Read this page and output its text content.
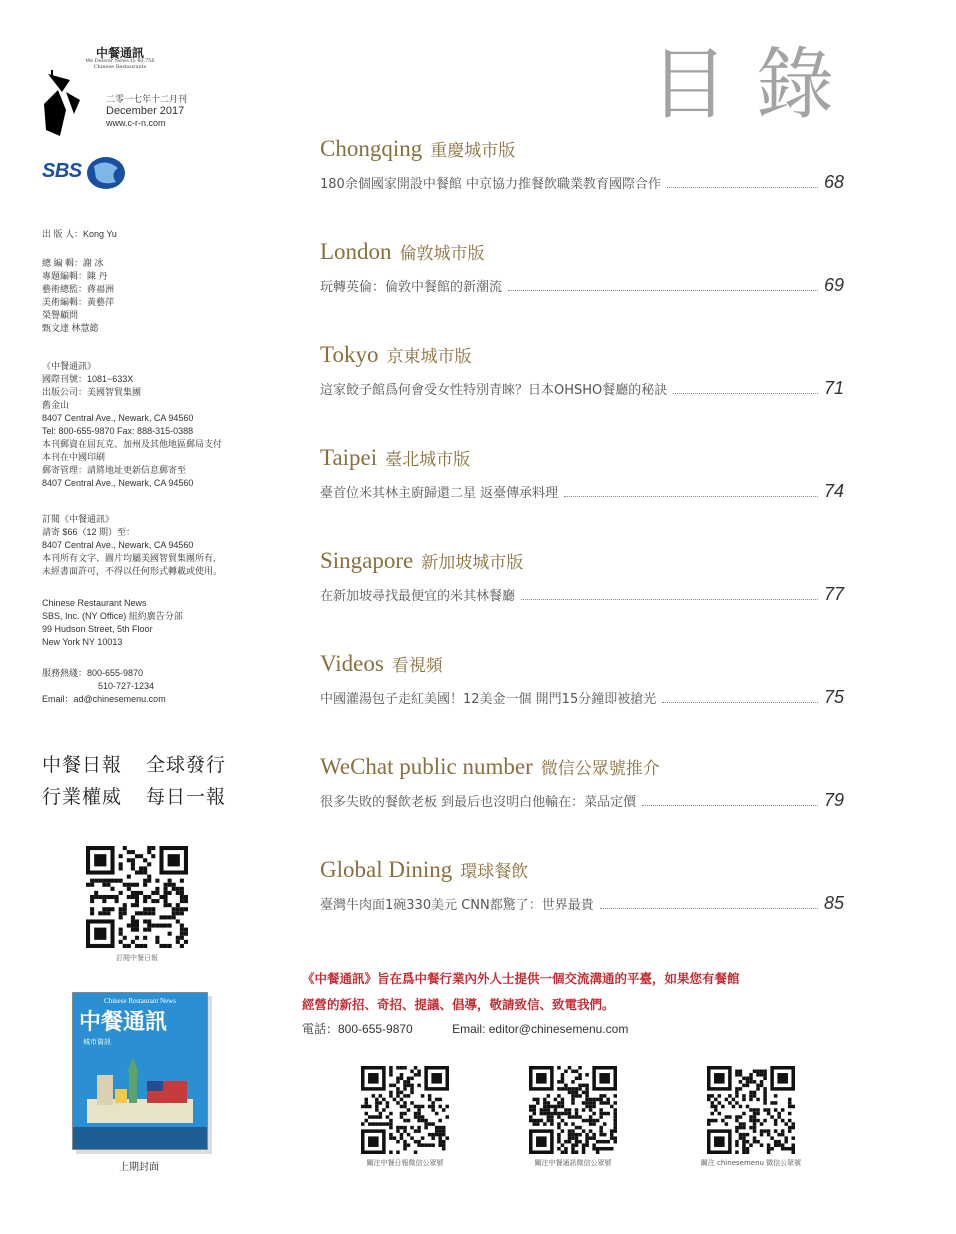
中餐通訊
We Deliver News to 40,756
Chinese Restaurants
二零一七年十二月刊
December 2017
www.c-r-n.com
SBS
出 版 人：Kong Yu
總 編 輯：謝 冰
專題編輯：陳 丹
藝術總監：蔣福洲
美術編輯：黃藝萍
榮譽顧問
甄文達 林慧懿
《中餐通訊》
國際刊號：1081−633X
出版公司：美國智貿集團
舊金山
8407 Central Ave., Newark, CA 94560
Tel: 800-655-9870 Fax: 888-315-0388
本刊郵資在屈瓦克、加州及其他地區郵局支付
本刊在中國印刷
郵寄管理：請將地址更新信息郵寄至
8407 Central Ave., Newark, CA 94560
訂閱《中餐通訊》
請寄 $66（12 期）至：
8407 Central Ave., Newark, CA 94560
本刊所有文字、圖片均屬美國智貿集團所有,
未經書面許可，不得以任何形式轉載或使用。
Chinese Restaurant News
SBS, Inc. (NY Office) 紐約廣告分部
99 Hudson Street, 5th Floor
New York NY 10013
服務熱綫：800-655-9870
510-727-1234
Email：ad@chinesemenu.com
中餐日報 全球發行
行業權威 每日一報
訂閱中餐日報
Chinese Restaurant News
中餐通訊
城市資訊
上期封面
目錄
Chongqing 重慶城市版
180余個國家開設中餐館 中京協力推餐飲職業教育國際合作	68
London 倫敦城市版
玩轉英倫：倫敦中餐館的新潮流	69
Tokyo 京東城市版
這家餃子館爲何會受女性特別青睞？日本OHSHO餐廳的秘訣	71
Taipei 臺北城市版
臺首位米其林主廚歸還二星 返臺傳承料理	74
Singapore 新加坡城市版
在新加坡尋找最便宜的米其林餐廳	77
Videos 看視頻
中國灌湯包子走紅美國！12美金一個 開門15分鐘即被搶光	75
WeChat public number 微信公眾號推介
很多失敗的餐飲老板 到最后也沒明白他輸在：菜品定價	79
Global Dining 環球餐飲
臺灣牛肉面1碗330美元 CNN都驚了：世界最貴	85
《中餐通訊》旨在爲中餐行業內外人士提供一個交流溝通的平臺，如果您有餐館
經營的新招、奇招、提議、倡導，敬請致信、致電我們。
電話：800-655-9870	Email: editor@chinesemenu.com
關注中餐日報微信公眾號	關注中餐通訊微信公眾號	關注 chinesemenu 微信公眾號
